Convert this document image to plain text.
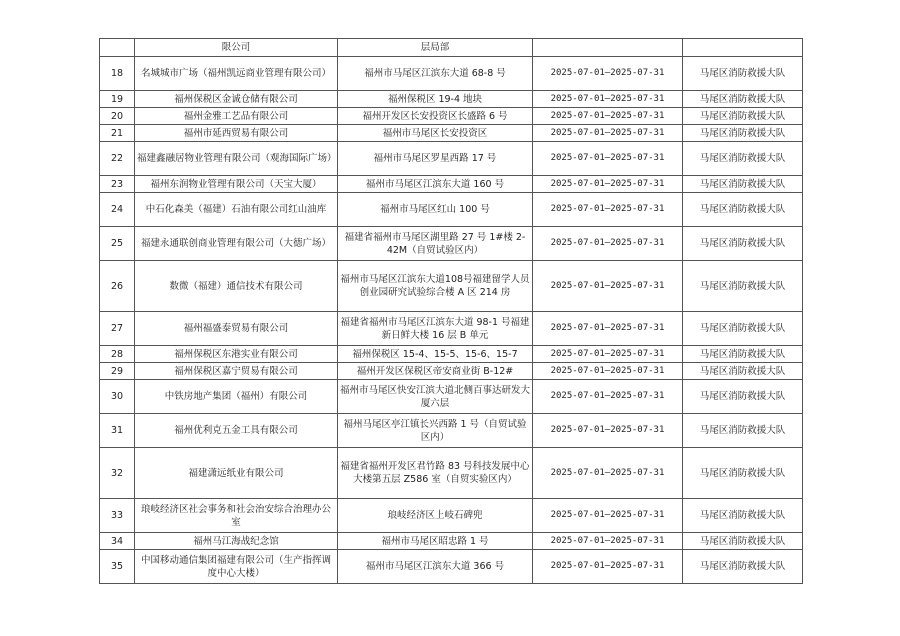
	限公司	层局部		
18	名城城市广场（福州凯远商业管理有限公司）	福州市马尾区江滨东大道 68-8 号	2025-07-01—2025-07-31	马尾区消防救援大队
19	福州保税区金诚仓储有限公司	福州保税区 19-4 地块	2025-07-01—2025-07-31	马尾区消防救援大队
20	福州金雅工艺品有限公司	福州开发区长安投资区长盛路 6 号	2025-07-01—2025-07-31	马尾区消防救援大队
21	福州市延西贸易有限公司	福州市马尾区长安投资区	2025-07-01—2025-07-31	马尾区消防救援大队
22	福建鑫融居物业管理有限公司（观海国际广场）	福州市马尾区罗星西路 17 号	2025-07-01—2025-07-31	马尾区消防救援大队
23	福州东润物业管理有限公司（天宝大厦）	福州市马尾区江滨东大道 160 号	2025-07-01—2025-07-31	马尾区消防救援大队
24	中石化森美（福建）石油有限公司红山油库	福州市马尾区红山 100 号	2025-07-01—2025-07-31	马尾区消防救援大队
25	福建永通联创商业管理有限公司（大德广场）	福建省福州市马尾区湖里路 27 号 1#楼 2-42M（自贸试验区内）	2025-07-01—2025-07-31	马尾区消防救援大队
26	数微（福建）通信技术有限公司	福州市马尾区江滨东大道108号福建留学人员创业园研究试验综合楼 A 区 214 房	2025-07-01—2025-07-31	马尾区消防救援大队
27	福州福盛泰贸易有限公司	福建省福州市马尾区江滨东大道 98-1 号福建新日鲜大楼 16 层 B 单元	2025-07-01—2025-07-31	马尾区消防救援大队
28	福州保税区东港实业有限公司	福州保税区 15-4、15-5、15-6、15-7	2025-07-01—2025-07-31	马尾区消防救援大队
29	福州保税区嘉宁贸易有限公司	福州开发区保税区帝安商业街 B-12#	2025-07-01—2025-07-31	马尾区消防救援大队
30	中铁房地产集团（福州）有限公司	福州市马尾区快安江滨大道北侧百事达研发大厦六层	2025-07-01—2025-07-31	马尾区消防救援大队
31	福州优利克五金工具有限公司	福州马尾区亭江镇长兴西路 1 号（自贸试验区内）	2025-07-01—2025-07-31	马尾区消防救援大队
32	福建潇远纸业有限公司	福建省福州开发区君竹路 83 号科技发展中心大楼第五层 Z586 室（自贸实验区内）	2025-07-01—2025-07-31	马尾区消防救援大队
33	琅岐经济区社会事务和社会治安综合治理办公室	琅岐经济区上岐石碑兜	2025-07-01—2025-07-31	马尾区消防救援大队
34	福州马江海战纪念馆	福州市马尾区昭忠路 1 号	2025-07-01—2025-07-31	马尾区消防救援大队
35	中国移动通信集团福建有限公司（生产指挥调度中心大楼）	福州市马尾区江滨东大道 366 号	2025-07-01—2025-07-31	马尾区消防救援大队
